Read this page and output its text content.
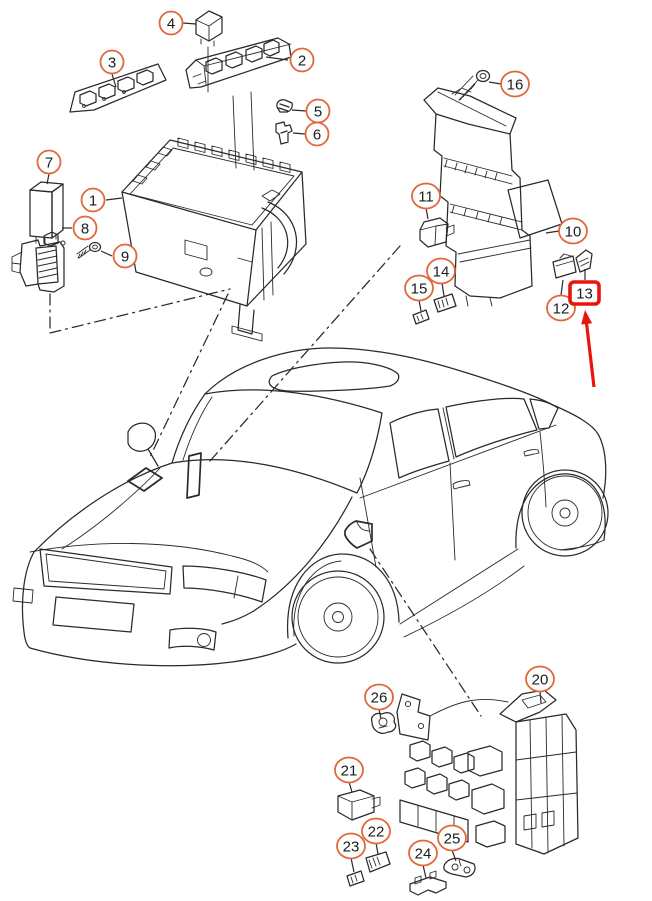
1
2
3
4
5
6
7
8
9
10
11
12
14
15
16
20
21
22
23	24
25
26
13
